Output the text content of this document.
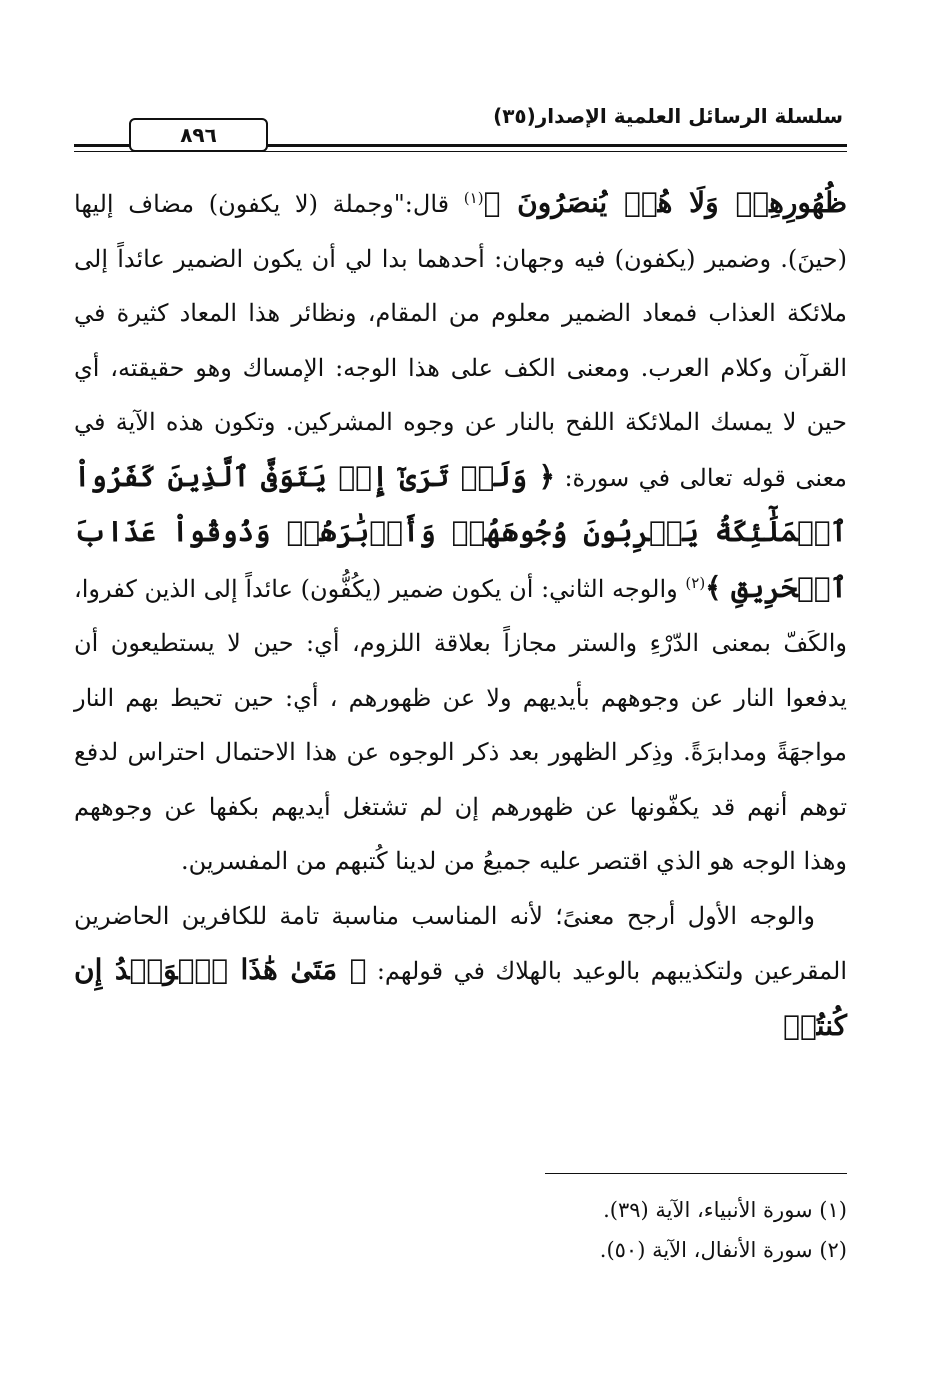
سلسلة الرسائل العلمية الإصدار(٣٥)
٨٩٦

ظُهُورِهِمۡ وَلَا هُمۡ يُنصَرُونَ ﴾$^{(١)}$ قال:"وجملة (لا يكفون) مضاف إليها (حينَ). وضمير (يكفون) فيه وجهان: أحدهما بدا لي أن يكون الضمير عائداً إلى ملائكة العذاب فمعاد الضمير معلوم من المقام، ونظائر هذا المعاد كثيرة في القرآن وكلام العرب. ومعنى الكف على هذا الوجه: الإمساك وهو حقيقته، أي حين لا يمسك الملائكة اللفح بالنار عن وجوه المشركين. وتكون هذه الآية في معنى قوله تعالى في سورة: ﴿ وَلَوۡ تَرَىٰٓ إِذۡ يَتَوَفَّى ٱلَّذِينَ كَفَرُواْ ٱلۡمَلَٰٓئِكَةُ يَضۡرِبُونَ وُجُوهَهُمۡ وَأَدۡبَٰرَهُمۡ وَذُوقُواْ عَذَابَ ٱلۡحَرِيقِ ﴾$^{(٢)}$ والوجه الثاني: أن يكون ضمير (يكُفُّون) عائداً إلى الذين كفروا، والكَفّ بمعنى الدّرْءِ والستر مجازاً بعلاقة اللزوم، أي: حين لا يستطيعون أن يدفعوا النار عن وجوههم بأيديهم ولا عن ظهورهم ، أي: حين تحيط بهم النار مواجهَةً ومدابرَةً. وذِكر الظهور بعد ذكر الوجوه عن هذا الاحتمال احتراس لدفع توهم أنهم قد يكفّونها عن ظهورهم إن لم تشتغل أيديهم بكفها عن وجوههم وهذا الوجه هو الذي اقتصر عليه جميعُ من لدينا كُتبهم من المفسرين.

والوجه الأول أرجح معنىً؛ لأنه المناسب مناسبة تامة للكافرين الحاضرين المقرعين ولتكذيبهم بالوعيد بالهلاك في قولهم: ﴿ مَتَىٰ هَٰذَا ٱلۡوَعۡدُ إِن كُنتُمۡ

(١) سورة الأنبياء، الآية (٣٩).

(٢) سورة الأنفال، الآية (٥٠).
